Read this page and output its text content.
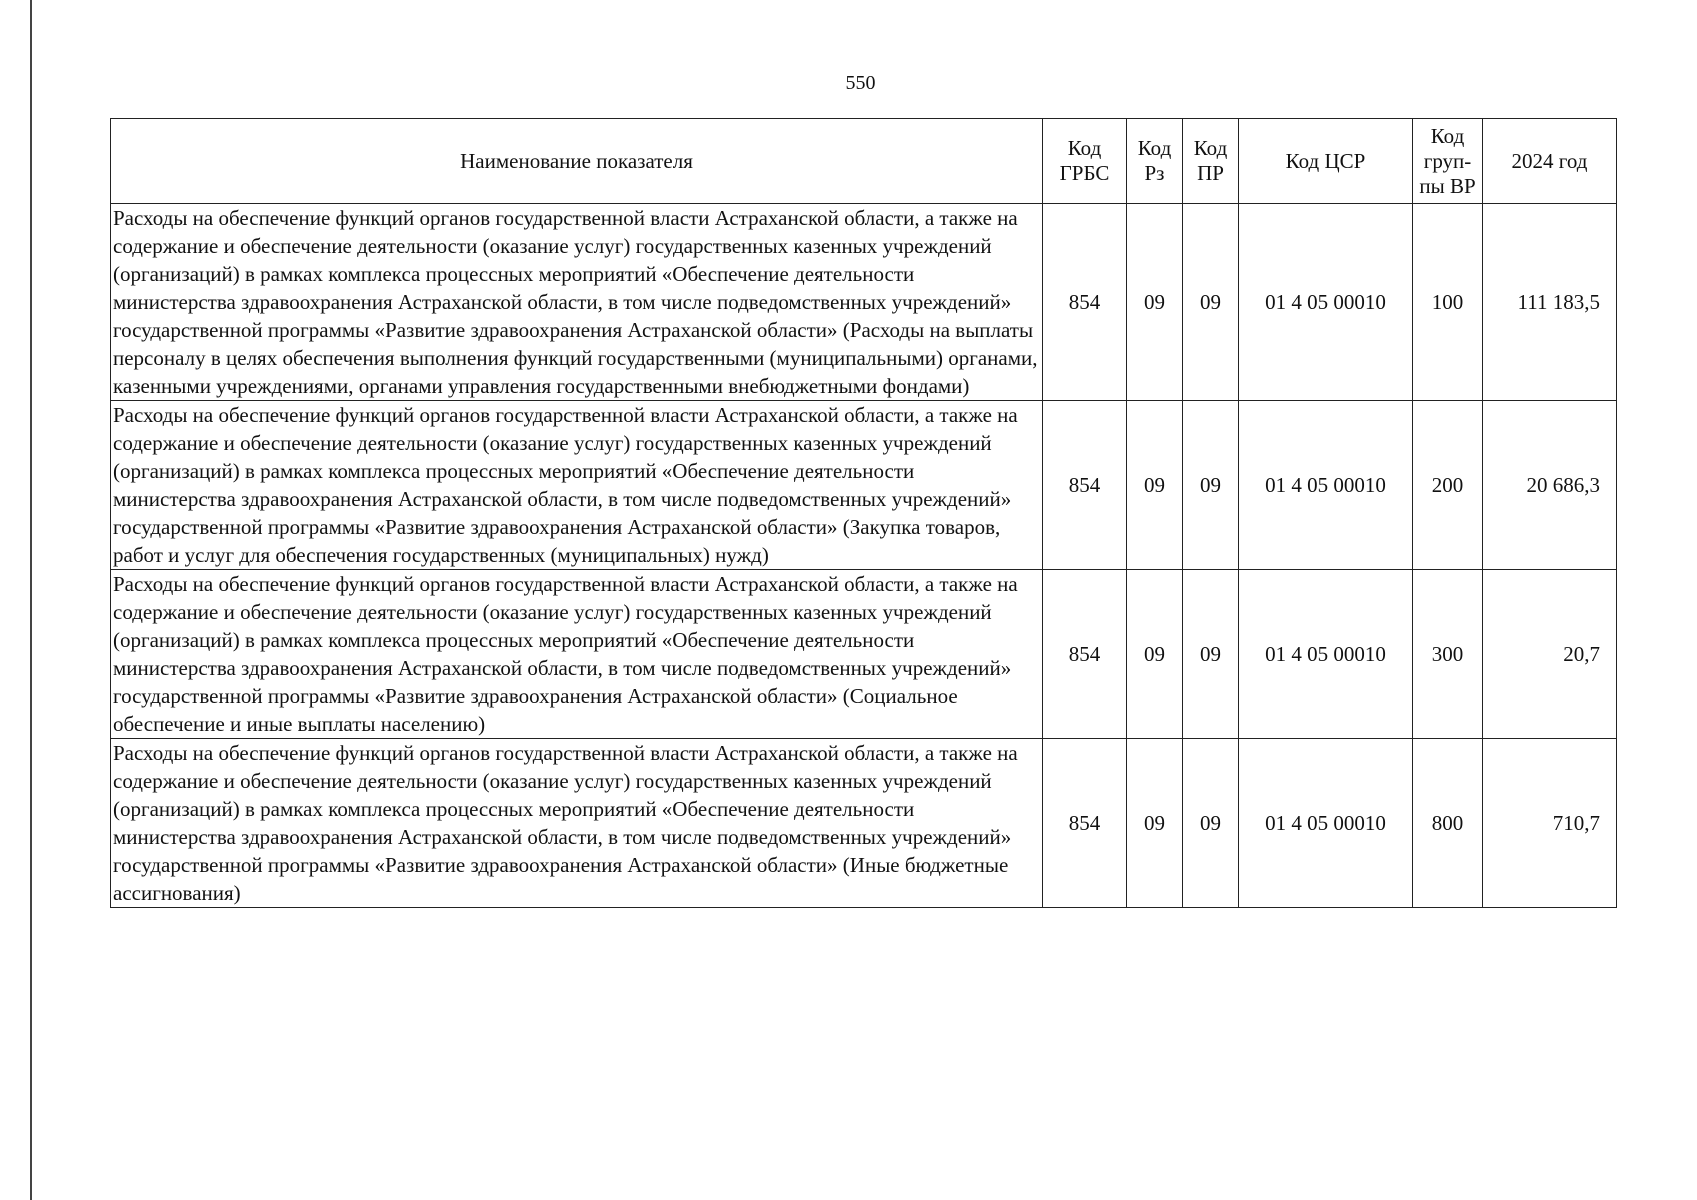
550
Наименование показателя	Код ГРБС	Код Рз	Код ПР	Код ЦСР	Код груп-пы ВР	2024 год
Расходы на обеспечение функций органов государственной власти Астраханской области, а также на содержание и обеспечение деятельности (оказание услуг) государственных казенных учреждений (организаций) в рамках комплекса процессных мероприятий «Обеспечение деятельности министерства здравоохранения Астраханской области, в том числе подведомственных учреждений» государственной программы «Развитие здравоохранения Астраханской области» (Расходы на выплаты персоналу в целях обеспечения выполнения функций государственными (муниципальными) органами, казенными учреждениями, органами управления государственными внебюджетными фондами)	854	09	09	01 4 05 00010	100	111 183,5
Расходы на обеспечение функций органов государственной власти Астраханской области, а также на содержание и обеспечение деятельности (оказание услуг) государственных казенных учреждений (организаций) в рамках комплекса процессных мероприятий «Обеспечение деятельности министерства здравоохранения Астраханской области, в том числе подведомственных учреждений» государственной программы «Развитие здравоохранения Астраханской области» (Закупка товаров, работ и услуг для обеспечения государственных (муниципальных) нужд)	854	09	09	01 4 05 00010	200	20 686,3
Расходы на обеспечение функций органов государственной власти Астраханской области, а также на содержание и обеспечение деятельности (оказание услуг) государственных казенных учреждений (организаций) в рамках комплекса процессных мероприятий «Обеспечение деятельности министерства здравоохранения Астраханской области, в том числе подведомственных учреждений» государственной программы «Развитие здравоохранения Астраханской области» (Социальное обеспечение и иные выплаты населению)	854	09	09	01 4 05 00010	300	20,7
Расходы на обеспечение функций органов государственной власти Астраханской области, а также на содержание и обеспечение деятельности (оказание услуг) государственных казенных учреждений (организаций) в рамках комплекса процессных мероприятий «Обеспечение деятельности министерства здравоохранения Астраханской области, в том числе подведомственных учреждений» государственной программы «Развитие здравоохранения Астраханской области» (Иные бюджетные ассигнования)	854	09	09	01 4 05 00010	800	710,7
